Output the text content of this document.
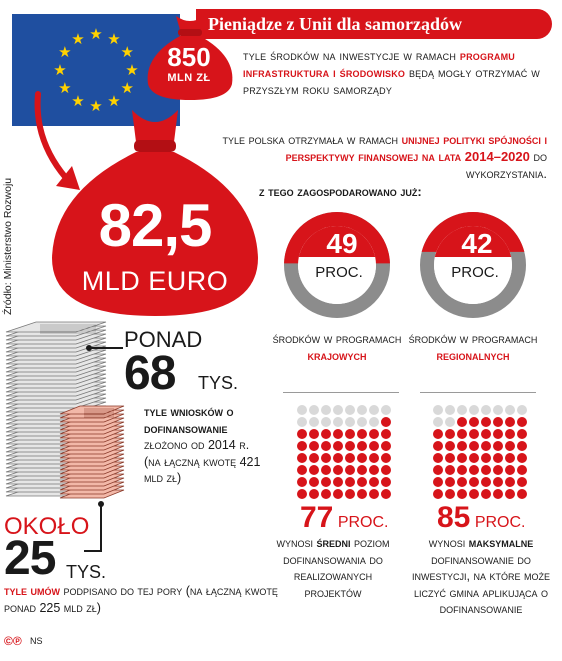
Pieniądze z Unii dla samorządów
★ ★
★
★
★
★
★
★
★
★
★
★
850
MLN ZŁ
tyle środków na inwestycje w ramach programu infrastruktura i środowisko będą mogły otrzymać w przyszłym roku samorządy
82,5
MLD EURO
Źródło: Ministerstwo Rozwoju
tyle polska otrzymała w ramach unijnej polityki spójności i perspektywy finansowej na lata 2014–2020 do wykorzystania.
z tego zagospodarowano już:
49	42
PROC.	PROC.
środków w programach
krajowych
środków w programach
regionalnych
77 PROC. 85 PROC.
wynosi średni poziom dofinansowania do realizowanych projektów
wynosi maksymalne dofinansowanie do inwestycji, na które może liczyć gmina aplikująca o dofinansowanie
PONAD
68 TYS.
tyle wniosków o dofinansowanie złożono od 2014 r. (na łączną kwotę 421 mld zł)
OKOŁO
25 TYS.
tyle umów podpisano do tej pory (na łączną kwotę ponad 225 mld zł)
©℗ NS
